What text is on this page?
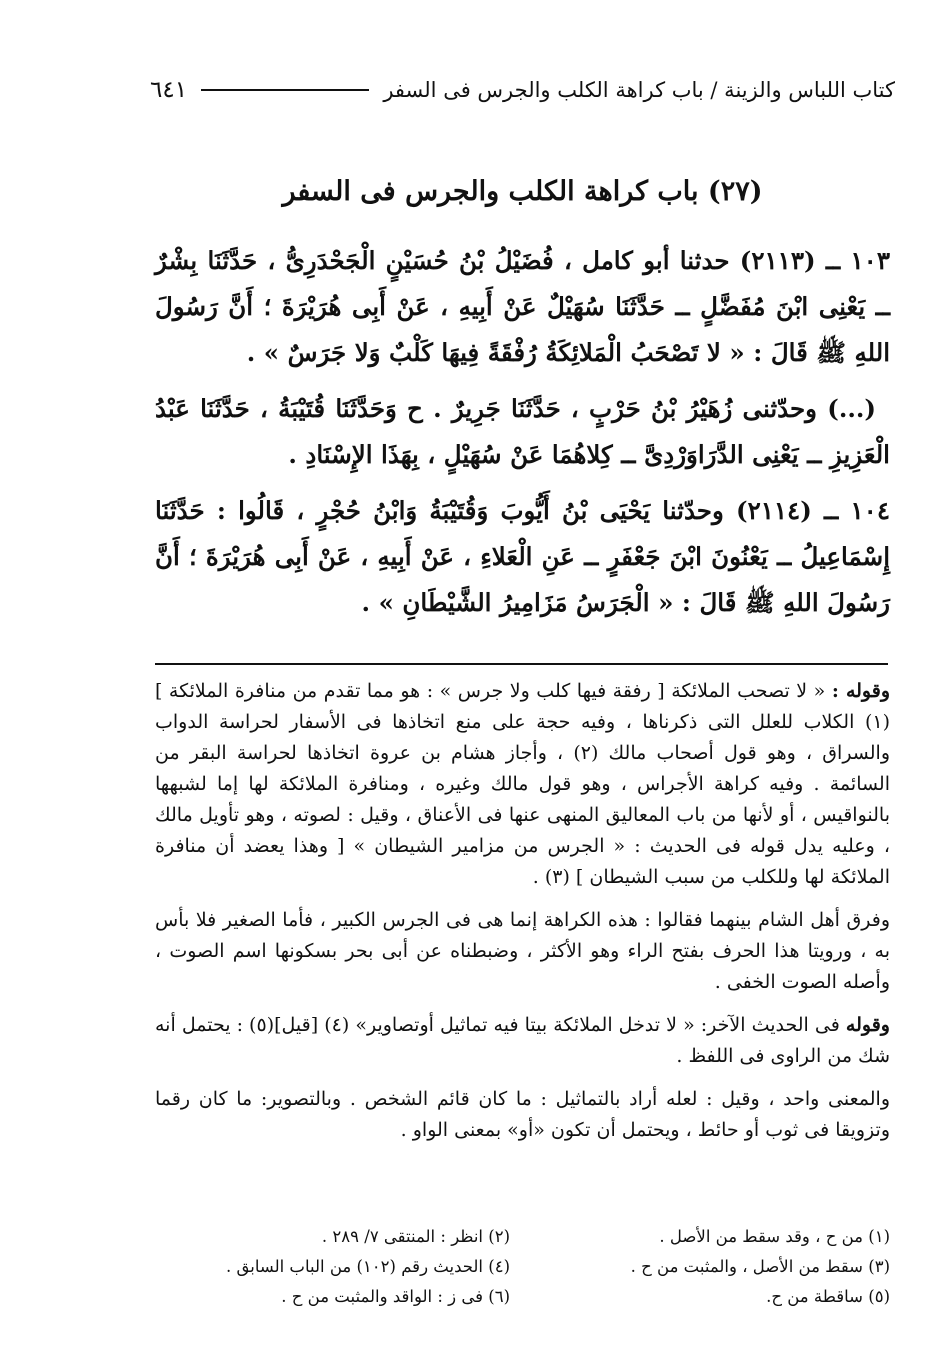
كتاب اللباس والزينة / باب كراهة الكلب والجرس فى السفر
٦٤١
(٢٧) باب كراهة الكلب والجرس فى السفر

١٠٣ ــ (٢١١٣) حدثنا أبو كامل ، فُضَيْلُ بْنُ حُسَيْنٍ الْجَحْدَرِىُّ ، حَدَّثَنَا بِشْرٌ ــ يَعْنِى ابْنَ مُفَضَّلٍ ــ حَدَّثَنَا سُهَيْلٌ عَنْ أَبِيهِ ، عَنْ أَبِى هُرَيْرَةَ ؛ أَنَّ رَسُولَ اللهِ ﷺ قَالَ : « لا تَصْحَبُ الْمَلائِكَةُ رُفْقَةً فِيهَا كَلْبٌ وَلا جَرَسٌ » .

(...) وحدّثنى زُهَيْرُ بْنُ حَرْبٍ ، حَدَّثَنَا جَرِيرٌ . ح وَحَدَّثَنَا قُتَيْبَةُ ، حَدَّثَنَا عَبْدُ الْعَزِيزِ ــ يَعْنِى الدَّرَاوَرْدِىَّ ــ كِلاهُمَا عَنْ سُهَيْلٍ ، بِهَذَا الإِسْنَادِ .

١٠٤ ــ (٢١١٤) وحدّثنا يَحْيَى بْنُ أَيُّوبَ وَقُتَيْبَةُ وَابْنُ حُجْرٍ ، قَالُوا : حَدَّثَنَا إِسْمَاعِيلُ ــ يَعْنُونَ ابْنَ جَعْفَرٍ ــ عَنِ الْعَلاءِ ، عَنْ أَبِيهِ ، عَنْ أَبِى هُرَيْرَةَ ؛ أَنَّ رَسُولَ اللهِ ﷺ قَالَ : « الْجَرَسُ مَزَامِيرُ الشَّيْطَانِ » .

وقوله : « لا تصحب الملائكة [ رفقة فيها كلب ولا جرس » : هو مما تقدم من منافرة الملائكة ] (١) الكلاب للعلل التى ذكرناها ، وفيه حجة على منع اتخاذها فى الأسفار لحراسة الدواب والسراق ، وهو قول أصحاب مالك (٢) ، وأجاز هشام بن عروة اتخاذها لحراسة البقر من السائمة . وفيه كراهة الأجراس ، وهو قول مالك وغيره ، ومنافرة الملائكة لها إما لشبهها بالنواقيس ، أو لأنها من باب المعاليق المنهى عنها فى الأعناق ، وقيل : لصوته ، وهو تأويل مالك ، وعليه يدل قوله فى الحديث : « الجرس من مزامير الشيطان » [ وهذا يعضد أن منافرة الملائكة لها وللكلب من سبب الشيطان ] (٣) .

وفرق أهل الشام بينهما فقالوا : هذه الكراهة إنما هى فى الجرس الكبير ، فأما الصغير فلا بأس به ، ورويتا هذا الحرف بفتح الراء وهو الأكثر ، وضبطناه عن أبى بحر بسكونها اسم الصوت ، وأصله الصوت الخفى .

وقوله فى الحديث الآخر: « لا تدخل الملائكة بيتا فيه تماثيل أوتصاوير» (٤) [قيل](٥) : يحتمل أنه شك من الراوى فى اللفظ .

والمعنى واحد ، وقيل : لعله أراد بالتماثيل : ما كان قائم الشخص . وبالتصوير: ما كان رقما وتزويقا فى ثوب أو حائط ، ويحتمل أن تكون «أو» بمعنى الواو .

(١) من ح ، وقد سقط من الأصل .
(٢) انظر : المنتقى ٧/ ٢٨٩ .
(٣) سقط من الأصل ، والمثبت من ح .
(٤) الحديث رقم (١٠٢) من الباب السابق .
(٥) ساقطة من ح.
(٦) فى ز : الواقد والمثبت من ح .
